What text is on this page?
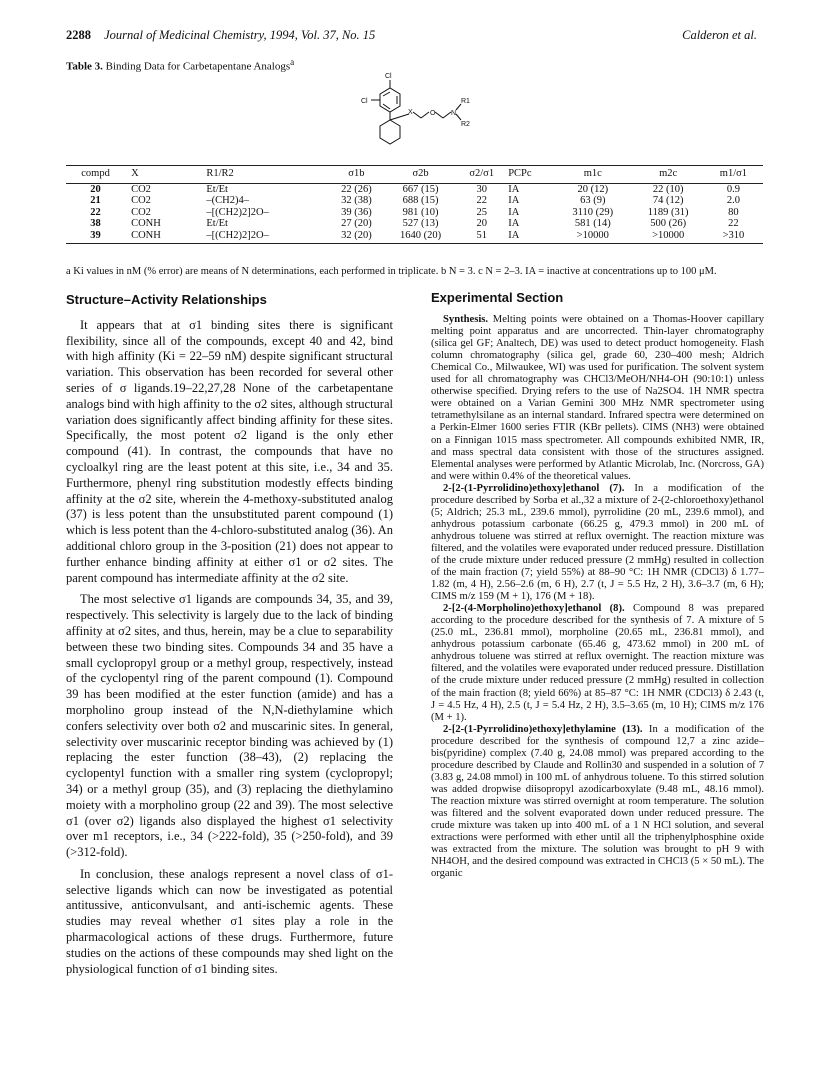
2288 Journal of Medicinal Chemistry, 1994, Vol. 37, No. 15	Calderon et al.
Table 3. Binding Data for Carbetapentane Analogs$^a$
Cl
Cl
X O N
R1
R2
compd	X	R1/R2	σ1b	σ2b	σ2/σ1	PCPc	m1c	m2c	m1/σ1
20	CO2	Et/Et	22 (26)	667 (15)	30	IA	20 (12)	22 (10)	0.9
21	CO2	–(CH2)4–	32 (38)	688 (15)	22	IA	63 (9)	74 (12)	2.0
22	CO2	–[(CH2)2]2O–	39 (36)	981 (10)	25	IA	3110 (29)	1189 (31)	80
38	CONH	Et/Et	27 (20)	527 (13)	20	IA	581 (14)	500 (26)	22
39	CONH	–[(CH2)2]2O–	32 (20)	1640 (20)	51	IA	>10000	>10000	>310
a Ki values in nM (% error) are means of N determinations, each performed in triplicate. b N = 3. c N = 2–3. IA = inactive at concentrations up to 100 μM.
Structure–Activity Relationships

It appears that at σ1 binding sites there is significant flexibility, since all of the compounds, except 40 and 42, bind with high affinity (Ki = 22–59 nM) despite significant structural variation. This observation has been recorded for several other series of σ ligands.19–22,27,28 None of the carbetapentane analogs bind with high affinity to the σ2 sites, although structural variation does significantly affect binding affinity for these sites. Specifically, the most potent σ2 ligand is the only ether compound (41). In contrast, the compounds that have no cycloalkyl ring are the least potent at this site, i.e., 34 and 35. Furthermore, phenyl ring substitution modestly effects binding affinity at the σ2 site, wherein the 4-methoxy-substituted analog (37) is less potent than the unsubstituted parent compound (1) which is less potent than the 4-chloro-substituted analog (36). An additional chloro group in the 3-position (21) does not appear to further enhance binding affinity at either σ1 or σ2 sites. The parent compound has intermediate affinity at the σ2 site.

The most selective σ1 ligands are compounds 34, 35, and 39, respectively. This selectivity is largely due to the lack of binding affinity at σ2 sites, and thus, herein, may be a clue to separability between these two binding sites. Compounds 34 and 35 have a small cyclopropyl group or a methyl group, respectively, instead of the cyclopentyl ring of the parent compound (1). Compound 39 has been modified at the ester function (amide) and has a morpholino group instead of the N,N-diethylamine which confers selectivity over both σ2 and muscarinic sites. In general, selectivity over muscarinic receptor binding was achieved by (1) replacing the ester function (38–43), (2) replacing the cyclopentyl function with a smaller ring system (cyclopropyl; 34) or a methyl group (35), and (3) replacing the diethylamino moiety with a morpholino group (22 and 39). The most selective σ1 (over σ2) ligands also displayed the highest σ1 selectivity over m1 receptors, i.e., 34 (>222-fold), 35 (>250-fold), and 39 (>312-fold).

In conclusion, these analogs represent a novel class of σ1-selective ligands which can now be investigated as potential antitussive, anticonvulsant, and anti-ischemic agents. These studies may reveal whether σ1 sites play a role in the pharmacological actions of these drugs. Furthermore, future studies on the actions of these compounds may shed light on the physiological function of σ1 binding sites.

Experimental Section

Synthesis. Melting points were obtained on a Thomas-Hoover capillary melting point apparatus and are uncorrected. Thin-layer chromatography (silica gel GF; Analtech, DE) was used to detect product homogeneity. Flash column chromatography (silica gel, grade 60, 230–400 mesh; Aldrich Chemical Co., Milwaukee, WI) was used for purification. The solvent system used for all chromatography was CHCl3/MeOH/NH4-OH (90:10:1) unless otherwise specified. Drying refers to the use of Na2SO4. 1H NMR spectra were obtained on a Varian Gemini 300 MHz NMR spectrometer using tetramethylsilane as an internal standard. Infrared spectra were determined on a Perkin-Elmer 1600 series FTIR (KBr pellets). CIMS (NH3) were obtained on a Finnigan 1015 mass spectrometer. All compounds exhibited NMR, IR, and mass spectral data consistent with those of the structures assigned. Elemental analyses were performed by Atlantic Microlab, Inc. (Norcross, GA) and were within 0.4% of the theoretical values.

2-[2-(1-Pyrrolidino)ethoxy]ethanol (7). In a modification of the procedure described by Sorba et al.,32 a mixture of 2-(2-chloroethoxy)ethanol (5; Aldrich; 25.3 mL, 239.6 mmol), pyrrolidine (20 mL, 239.6 mmol), and anhydrous potassium carbonate (66.25 g, 479.3 mmol) in 200 mL of anhydrous toluene was stirred at reflux overnight. The reaction mixture was filtered, and the volatiles were evaporated under reduced pressure. Distillation of the crude mixture under reduced pressure (2 mmHg) resulted in collection of the main fraction (7; yield 55%) at 88–90 °C: 1H NMR (CDCl3) δ 1.77–1.82 (m, 4 H), 2.56–2.6 (m, 6 H), 2.7 (t, J = 5.5 Hz, 2 H), 3.6–3.7 (m, 6 H); CIMS m/z 159 (M + 1), 176 (M + 18).

2-[2-(4-Morpholino)ethoxy]ethanol (8). Compound 8 was prepared according to the procedure described for the synthesis of 7. A mixture of 5 (25.0 mL, 236.81 mmol), morpholine (20.65 mL, 236.81 mmol), and anhydrous potassium carbonate (65.46 g, 473.62 mmol) in 200 mL of anhydrous toluene was stirred at reflux overnight. The reaction mixture was filtered, and the volatiles were evaporated under reduced pressure. Distillation of the crude mixture under reduced pressure (2 mmHg) resulted in collection of the main fraction (8; yield 66%) at 85–87 °C: 1H NMR (CDCl3) δ 2.43 (t, J = 4.5 Hz, 4 H), 2.5 (t, J = 5.4 Hz, 2 H), 3.5–3.65 (m, 10 H); CIMS m/z 176 (M + 1).

2-[2-(1-Pyrrolidino)ethoxy]ethylamine (13). In a modification of the procedure described for the synthesis of compound 12,7 a zinc azide–bis(pyridine) complex (7.40 g, 24.08 mmol) was prepared according to the procedure described by Claude and Rollin30 and suspended in a solution of 7 (3.83 g, 24.08 mmol) in 100 mL of anhydrous toluene. To this stirred solution was added dropwise diisopropyl azodicarboxylate (9.48 mL, 48.16 mmol). The reaction mixture was stirred overnight at room temperature. The solution was filtered and the solvent evaporated down under reduced pressure. The crude mixture was taken up into 400 mL of a 1 N HCl solution, and several extractions were performed with ether until all the triphenylphosphine oxide was extracted from the mixture. The solution was brought to pH 9 with NH4OH, and the desired compound was extracted in CHCl3 (5 × 50 mL). The organic
